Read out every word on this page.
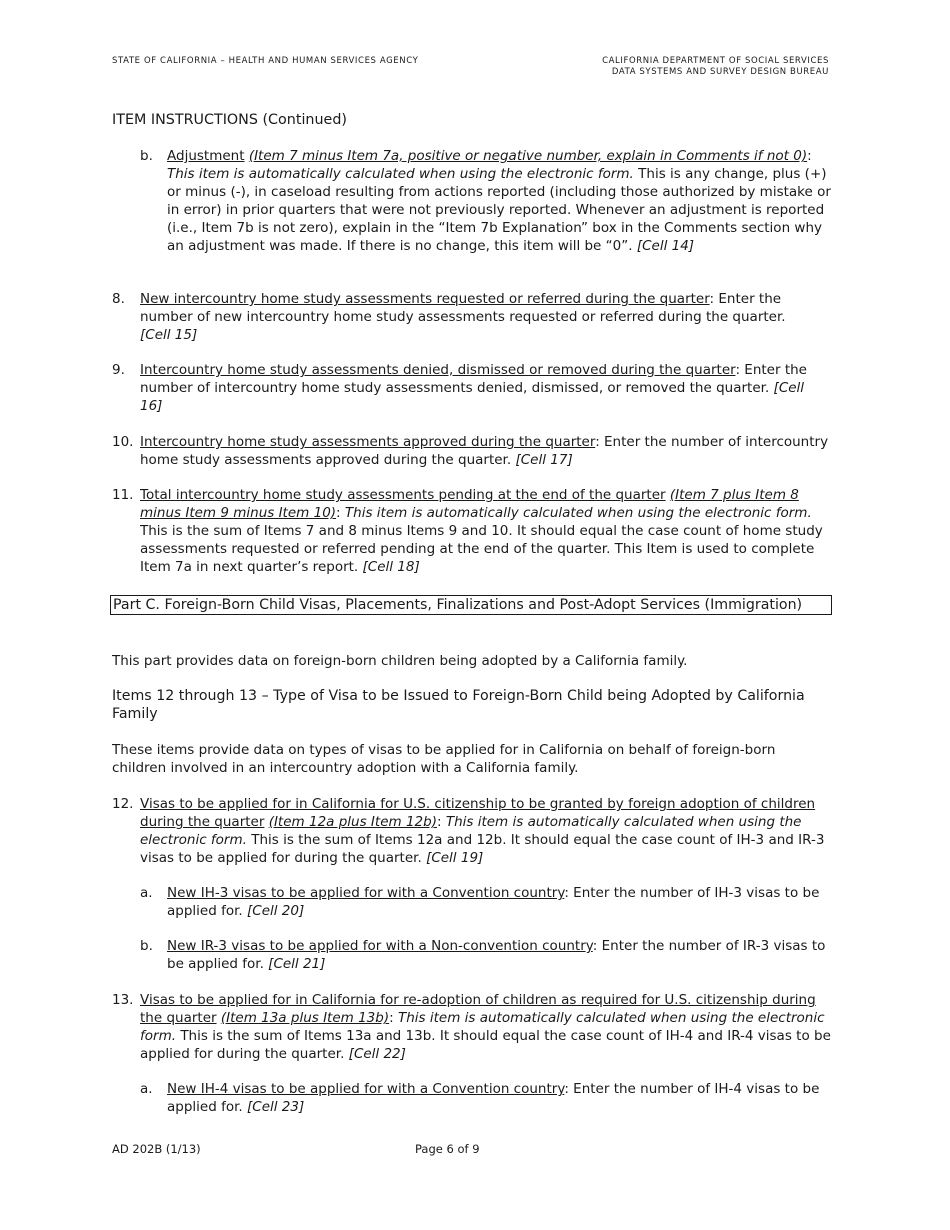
STATE OF CALIFORNIA – HEALTH AND HUMAN SERVICES AGENCY	CALIFORNIA DEPARTMENT OF SOCIAL SERVICES
DATA SYSTEMS AND SURVEY DESIGN BUREAU
ITEM INSTRUCTIONS (Continued)
b. Adjustment (Item 7 minus Item 7a, positive or negative number, explain in Comments if not 0): This item is automatically calculated when using the electronic form. This is any change, plus (+) or minus (-), in caseload resulting from actions reported (including those authorized by mistake or in error) in prior quarters that were not previously reported. Whenever an adjustment is reported (i.e., Item 7b is not zero), explain in the “Item 7b Explanation” box in the Comments section why an adjustment was made. If there is no change, this item will be “0”. [Cell 14]
8. New intercountry home study assessments requested or referred during the quarter: Enter the number of new intercountry home study assessments requested or referred during the quarter. [Cell 15]
9. Intercountry home study assessments denied, dismissed or removed during the quarter: Enter the number of intercountry home study assessments denied, dismissed, or removed the quarter. [Cell 16]
10. Intercountry home study assessments approved during the quarter: Enter the number of intercountry home study assessments approved during the quarter. [Cell 17]
11. Total intercountry home study assessments pending at the end of the quarter (Item 7 plus Item 8 minus Item 9 minus Item 10): This item is automatically calculated when using the electronic form. This is the sum of Items 7 and 8 minus Items 9 and 10. It should equal the case count of home study assessments requested or referred pending at the end of the quarter. This Item is used to complete Item 7a in next quarter’s report. [Cell 18]
Part C. Foreign-Born Child Visas, Placements, Finalizations and Post-Adopt Services (Immigration)
This part provides data on foreign-born children being adopted by a California family.
Items 12 through 13 – Type of Visa to be Issued to Foreign-Born Child being Adopted by California Family
These items provide data on types of visas to be applied for in California on behalf of foreign-born children involved in an intercountry adoption with a California family.
12. Visas to be applied for in California for U.S. citizenship to be granted by foreign adoption of children during the quarter (Item 12a plus Item 12b): This item is automatically calculated when using the electronic form. This is the sum of Items 12a and 12b. It should equal the case count of IH-3 and IR-3 visas to be applied for during the quarter. [Cell 19]
a. New IH-3 visas to be applied for with a Convention country: Enter the number of IH-3 visas to be applied for. [Cell 20]
b. New IR-3 visas to be applied for with a Non-convention country: Enter the number of IR-3 visas to be applied for. [Cell 21]
13. Visas to be applied for in California for re-adoption of children as required for U.S. citizenship during the quarter (Item 13a plus Item 13b): This item is automatically calculated when using the electronic form. This is the sum of Items 13a and 13b. It should equal the case count of IH-4 and IR-4 visas to be applied for during the quarter. [Cell 22]
a. New IH-4 visas to be applied for with a Convention country: Enter the number of IH-4 visas to be applied for. [Cell 23]
AD 202B (1/13)	Page 6 of 9
